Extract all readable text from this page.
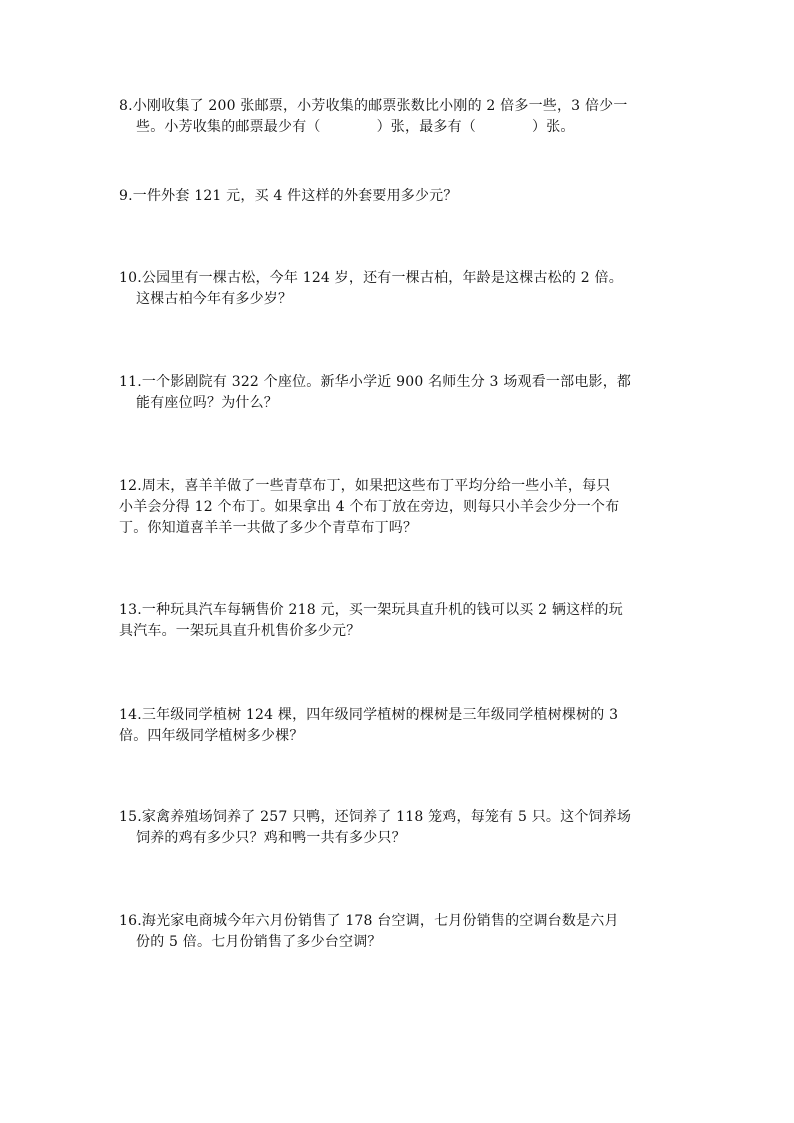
8.小刚收集了 200 张邮票，小芳收集的邮票张数比小刚的 2 倍多一些，3 倍少一
些。小芳收集的邮票最少有（	）张，最多有（	）张。
9.一件外套 121 元，买 4 件这样的外套要用多少元？
10.公园里有一棵古松，今年 124 岁，还有一棵古柏，年龄是这棵古松的 2 倍。
这棵古柏今年有多少岁？
11.一个影剧院有 322 个座位。新华小学近 900 名师生分 3 场观看一部电影，都
能有座位吗？为什么？
12.周末，喜羊羊做了一些青草布丁，如果把这些布丁平均分给一些小羊，每只
小羊会分得 12 个布丁。如果拿出 4 个布丁放在旁边，则每只小羊会少分一个布
丁。你知道喜羊羊一共做了多少个青草布丁吗？
13.一种玩具汽车每辆售价 218 元，买一架玩具直升机的钱可以买 2 辆这样的玩
具汽车。一架玩具直升机售价多少元？
14.三年级同学植树 124 棵，四年级同学植树的棵树是三年级同学植树棵树的 3
倍。四年级同学植树多少棵？
15.家禽养殖场饲养了 257 只鸭，还饲养了 118 笼鸡，每笼有 5 只。这个饲养场
饲养的鸡有多少只？鸡和鸭一共有多少只？
16.海光家电商城今年六月份销售了 178 台空调，七月份销售的空调台数是六月
份的 5 倍。七月份销售了多少台空调？
